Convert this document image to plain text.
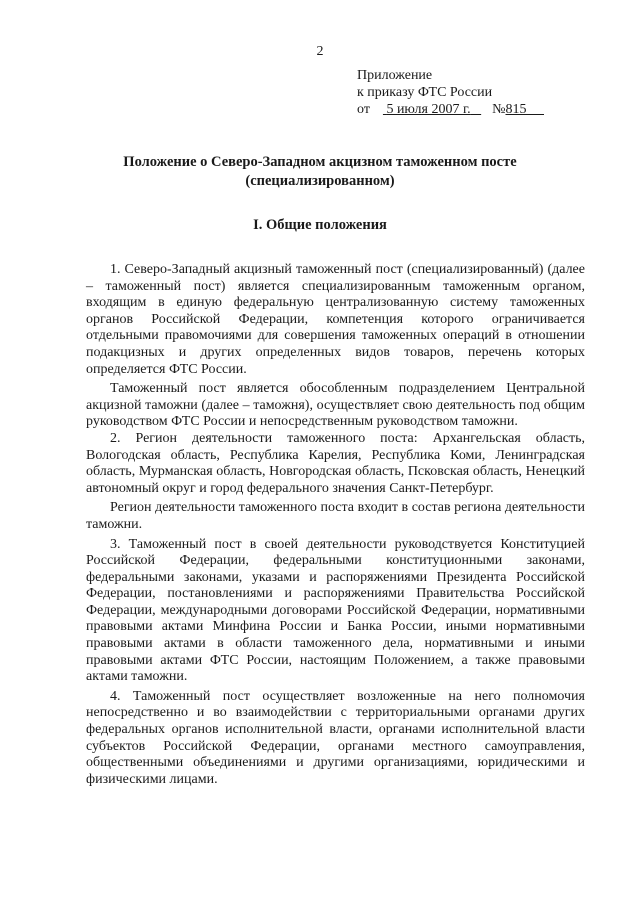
2
Приложение
к приказу ФТС России
от 5 июля 2007 г. №815
Положение о Северо-Западном акцизном таможенном посте
(специализированном)
I. Общие положения

1. Северо-Западный акцизный таможенный пост (специализированный) (далее – таможенный пост) является специализированным таможенным органом, входящим в единую федеральную централизованную систему таможенных органов Российской Федерации, компетенция которого ограничивается отдельными правомочиями для совершения таможенных операций в отношении подакцизных и других определенных видов товаров, перечень которых определяется ФТС России.

Таможенный пост является обособленным подразделением Центральной акцизной таможни (далее – таможня), осуществляет свою деятельность под общим руководством ФТС России и непосредственным руководством таможни.

2. Регион деятельности таможенного поста: Архангельская область, Вологодская область, Республика Карелия, Республика Коми, Ленинградская область, Мурманская область, Новгородская область, Псковская область, Ненецкий автономный округ и город федерального значения Санкт-Петербург.

Регион деятельности таможенного поста входит в состав региона деятельности таможни.

3. Таможенный пост в своей деятельности руководствуется Конституцией Российской Федерации, федеральными конституционными законами, федеральными законами, указами и распоряжениями Президента Российской Федерации, постановлениями и распоряжениями Правительства Российской Федерации, международными договорами Российской Федерации, нормативными правовыми актами Минфина России и Банка России, иными нормативными правовыми актами в области таможенного дела, нормативными и иными правовыми актами ФТС России, настоящим Положением, а также правовыми актами таможни.

4. Таможенный пост осуществляет возложенные на него полномочия непосредственно и во взаимодействии с территориальными органами других федеральных органов исполнительной власти, органами исполнительной власти субъектов Российской Федерации, органами местного самоуправления, общественными объединениями и другими организациями, юридическими и физическими лицами.
